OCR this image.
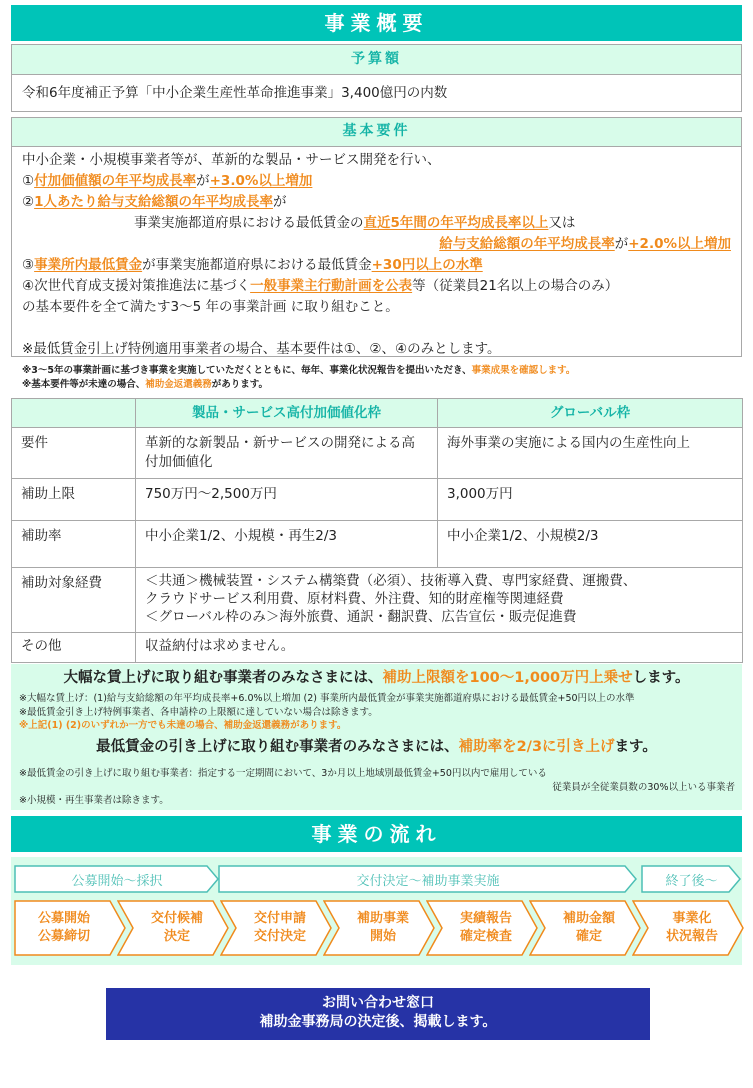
事業概要
予算額
令和6年度補正予算「中小企業生産性革命推進事業」3,400億円の内数
基本要件
中小企業・小規模事業者等が、革新的な製品・サービス開発を行い、
①付加価値額の年平均成長率が+3.0%以上増加
②1人あたり給与支給総額の年平均成長率が
事業実施都道府県における最低賃金の直近5年間の年平均成長率以上又は
給与支給総額の年平均成長率が+2.0%以上増加
③事業所内最低賃金が事業実施都道府県における最低賃金+30円以上の水準
④次世代育成支援対策推進法に基づく一般事業主行動計画を公表等（従業員21名以上の場合のみ）
の基本要件を全て満たす3～5 年の事業計画 に取り組むこと。
※最低賃金引上げ特例適用事業者の場合、基本要件は①、②、④のみとします。
※3～5年の事業計画に基づき事業を実施していただくとともに、毎年、事業化状況報告を提出いただき、事業成果を確認します。
※基本要件等が未達の場合、補助金返還義務があります。
	製品・サービス高付加価値化枠	グローバル枠
要件	革新的な新製品・新サービスの開発による高付加価値化	海外事業の実施による国内の生産性向上
補助上限	750万円～2,500万円	3,000万円
補助率	中小企業1/2、小規模・再生2/3	中小企業1/2、小規模2/3
補助対象経費	＜共通＞機械装置・システム構築費（必須）、技術導入費、専門家経費、運搬費、
クラウドサービス利用費、原材料費、外注費、知的財産権等関連経費
＜グローバル枠のみ＞海外旅費、通訳・翻訳費、広告宣伝・販売促進費	

その他	収益納付は求めません。	
大幅な賃上げに取り組む事業者のみなさまには、補助上限額を100～1,000万円上乗せします。
※大幅な賃上げ：(1)給与支給総額の年平均成長率+6.0%以上増加 (2) 事業所内最低賃金が事業実施都道府県における最低賃金+50円以上の水準
※最低賃金引き上げ特例事業者、各申請枠の上限額に達していない場合は除きます。
※上記(1) (2)のいずれか一方でも未達の場合、補助金返還義務があります。
最低賃金の引き上げに取り組む事業者のみなさまには、補助率を2/3に引き上げます。
※最低賃金の引き上げに取り組む事業者：指定する一定期間において、3か月以上地域別最低賃金+50円以内で雇用している
従業員が全従業員数の30%以上いる事業者
※小規模・再生事業者は除きます。
事業の流れ
公募開始～採択	交付決定～補助事業実施	終了後～
公募開始
公募締切
交付候補
決定
交付申請
交付決定
補助事業
開始
実績報告
確定検査
補助金額
確定
事業化
状況報告
お問い合わせ窓口
補助金事務局の決定後、掲載します。
